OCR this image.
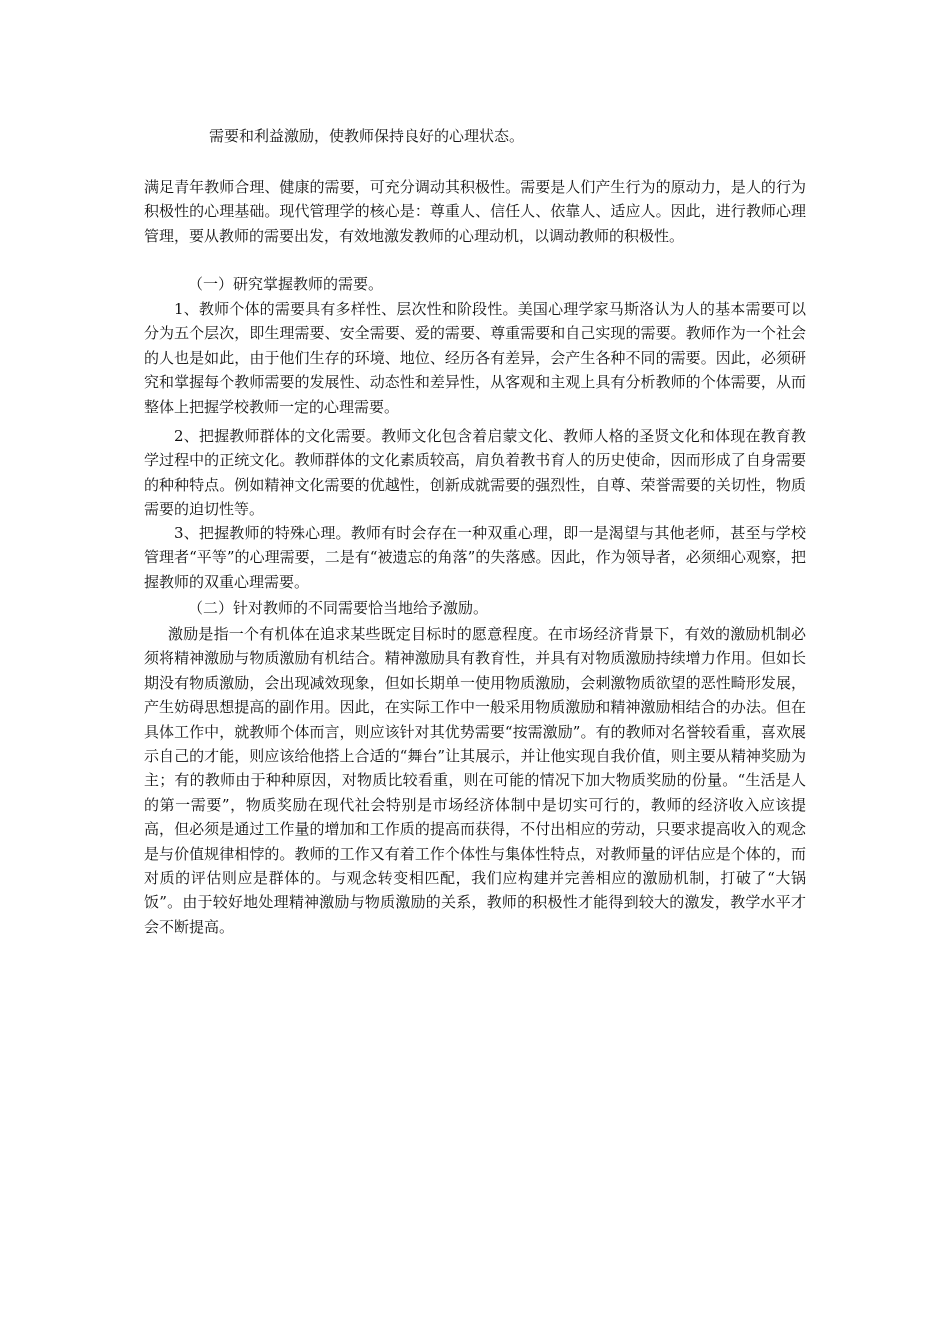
需要和利益激励，使教师保持良好的心理状态。

满足青年教师合理、健康的需要，可充分调动其积极性。需要是人们产生行为的原动力，是人的行为积极性的心理基础。现代管理学的核心是：尊重人、信任人、依靠人、适应人。因此，进行教师心理管理，要从教师的需要出发，有效地激发教师的心理动机，以调动教师的积极性。

（一）研究掌握教师的需要。

1、教师个体的需要具有多样性、层次性和阶段性。美国心理学家马斯洛认为人的基本需要可以分为五个层次，即生理需要、安全需要、爱的需要、尊重需要和自己实现的需要。教师作为一个社会的人也是如此，由于他们生存的环境、地位、经历各有差异，会产生各种不同的需要。因此，必须研究和掌握每个教师需要的发展性、动态性和差异性，从客观和主观上具有分析教师的个体需要，从而整体上把握学校教师一定的心理需要。

2、把握教师群体的文化需要。教师文化包含着启蒙文化、教师人格的圣贤文化和体现在教育教学过程中的正统文化。教师群体的文化素质较高，肩负着教书育人的历史使命，因而形成了自身需要的种种特点。例如精神文化需要的优越性，创新成就需要的强烈性，自尊、荣誉需要的关切性，物质需要的迫切性等。

3、把握教师的特殊心理。教师有时会存在一种双重心理，即一是渴望与其他老师，甚至与学校管理者“平等”的心理需要，二是有“被遗忘的角落”的失落感。因此，作为领导者，必须细心观察，把握教师的双重心理需要。

（二）针对教师的不同需要恰当地给予激励。

激励是指一个有机体在追求某些既定目标时的愿意程度。在市场经济背景下，有效的激励机制必须将精神激励与物质激励有机结合。精神激励具有教育性，并具有对物质激励持续增力作用。但如长期没有物质激励，会出现减效现象，但如长期单一使用物质激励，会刺激物质欲望的恶性畸形发展，产生妨碍思想提高的副作用。因此，在实际工作中一般采用物质激励和精神激励相结合的办法。但在具体工作中，就教师个体而言，则应该针对其优势需要“按需激励”。有的教师对名誉较看重，喜欢展示自己的才能，则应该给他搭上合适的“舞台”让其展示，并让他实现自我价值，则主要从精神奖励为主；有的教师由于种种原因，对物质比较看重，则在可能的情况下加大物质奖励的份量。“生活是人的第一需要”，物质奖励在现代社会特别是市场经济体制中是切实可行的，教师的经济收入应该提高，但必须是通过工作量的增加和工作质的提高而获得，不付出相应的劳动，只要求提高收入的观念是与价值规律相悖的。教师的工作又有着工作个体性与集体性特点，对教师量的评估应是个体的，而对质的评估则应是群体的。与观念转变相匹配，我们应构建并完善相应的激励机制，打破了“大锅饭”。由于较好地处理精神激励与物质激励的关系，教师的积极性才能得到较大的激发，教学水平才会不断提高。
